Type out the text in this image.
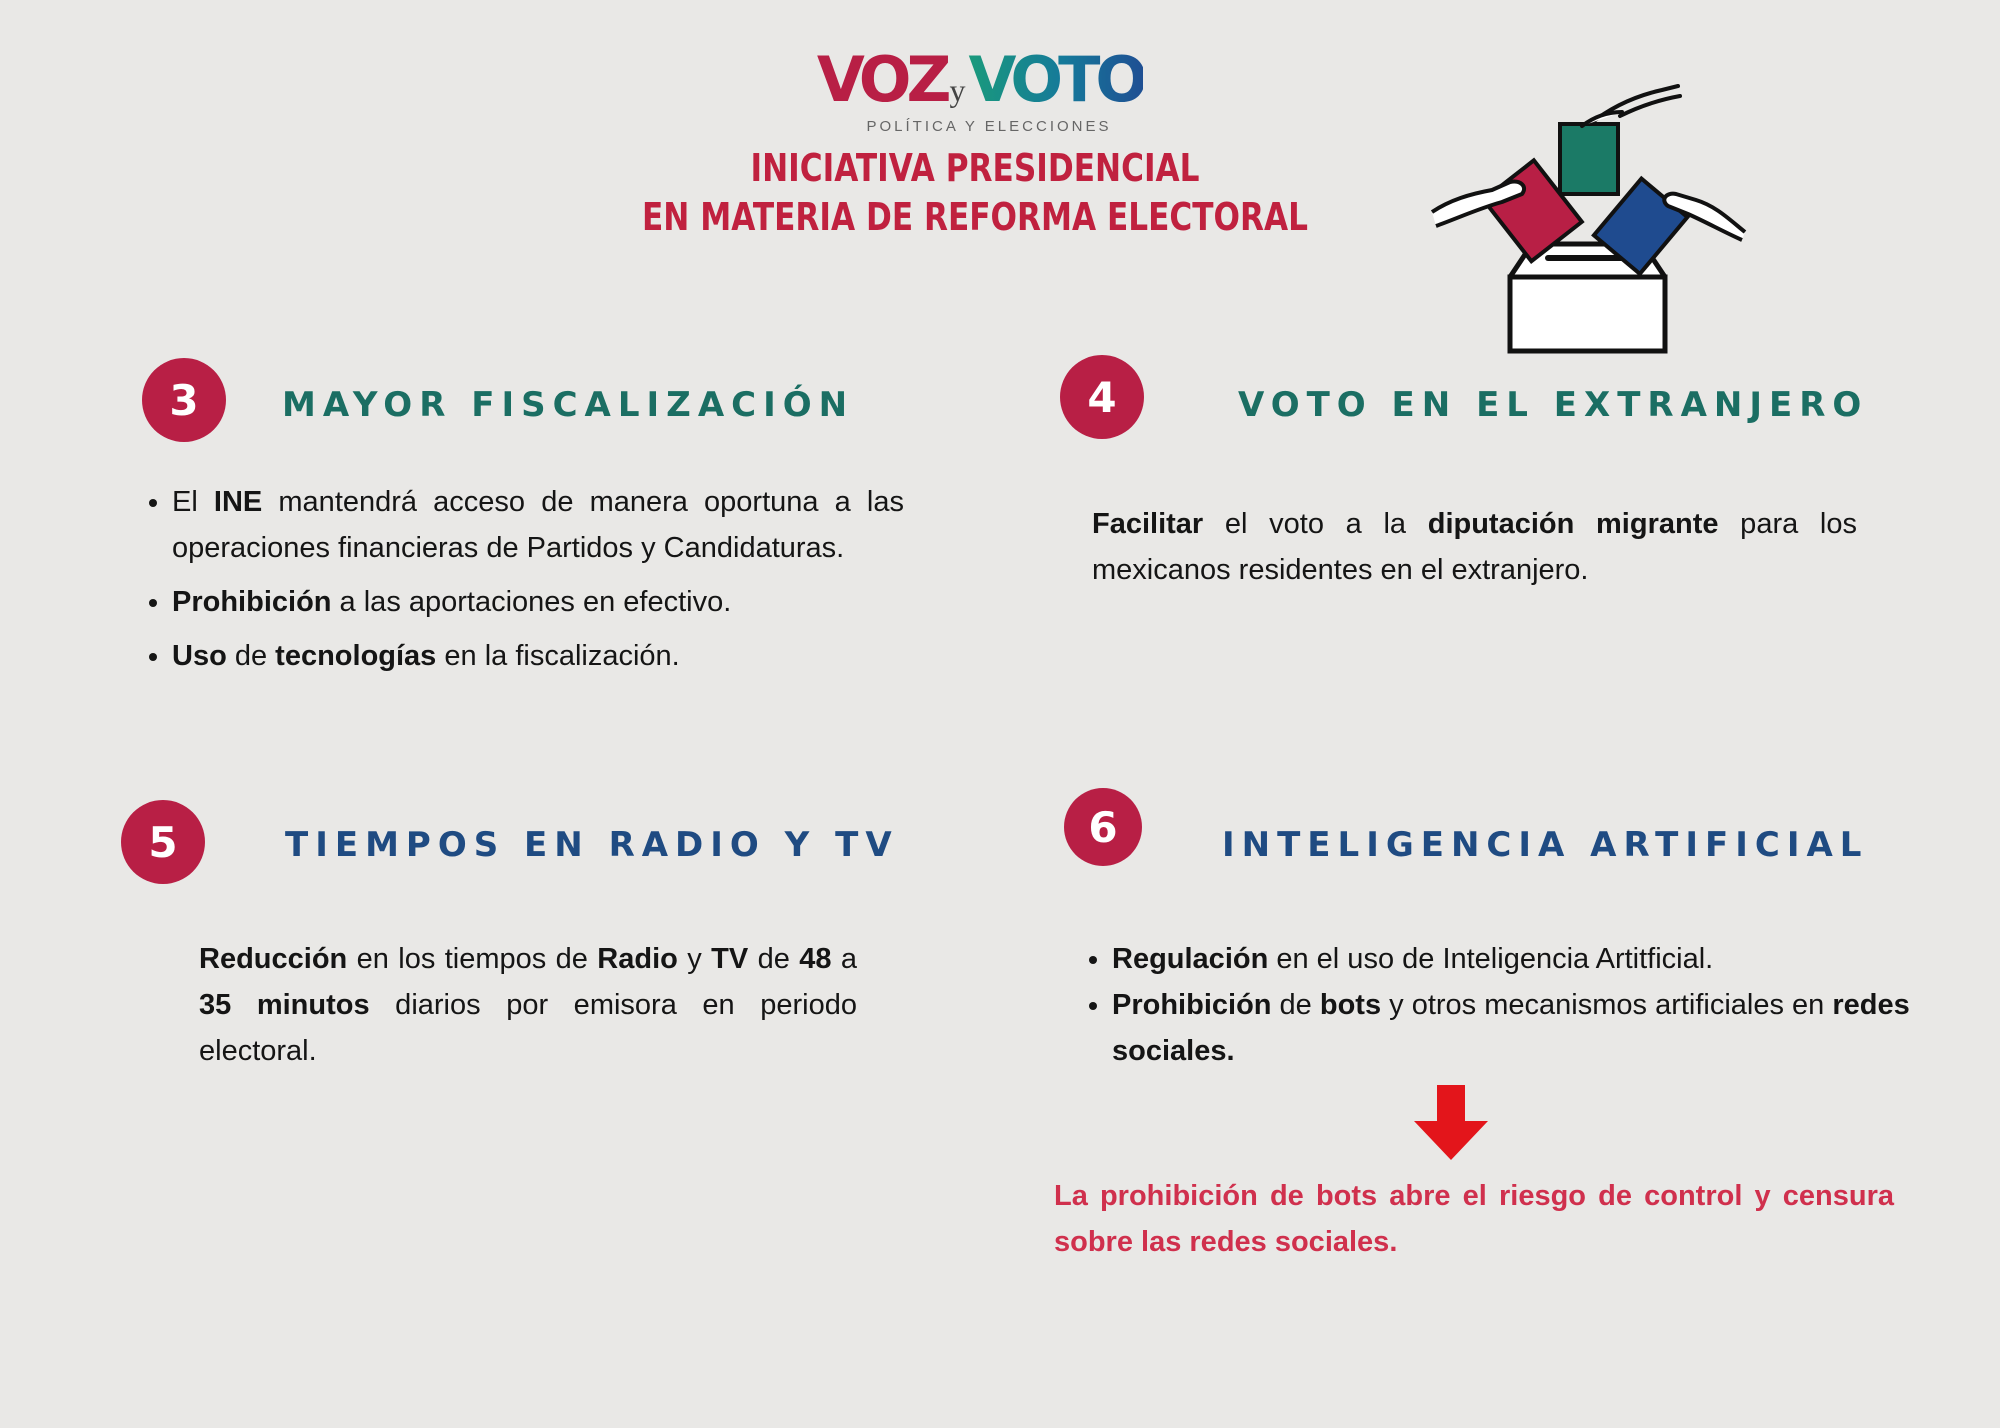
VOZyVOTO
POLÍTICA Y ELECCIONES
INICIATIVA PRESIDENCIAL
EN MATERIA DE REFORMA ELECTORAL
3	MAYOR FISCALIZACIÓN
• El INE mantendrá acceso de manera oportuna a las operaciones financieras de Partidos y Candidaturas.
• Prohibición a las aportaciones en efectivo.
• Uso de tecnologías en la fiscalización.
4	VOTO EN EL EXTRANJERO
Facilitar el voto a la diputación migrante para los mexicanos residentes en el extranjero.
5	TIEMPOS EN RADIO Y TV
Reducción en los tiempos de Radio y TV de 48 a 35 minutos diarios por emisora en periodo electoral.
6	INTELIGENCIA ARTIFICIAL
• Regulación en el uso de Inteligencia Artitficial.
• Prohibición de bots y otros mecanismos artificiales en redes sociales.
La prohibición de bots abre el riesgo de control y censura sobre las redes sociales.
